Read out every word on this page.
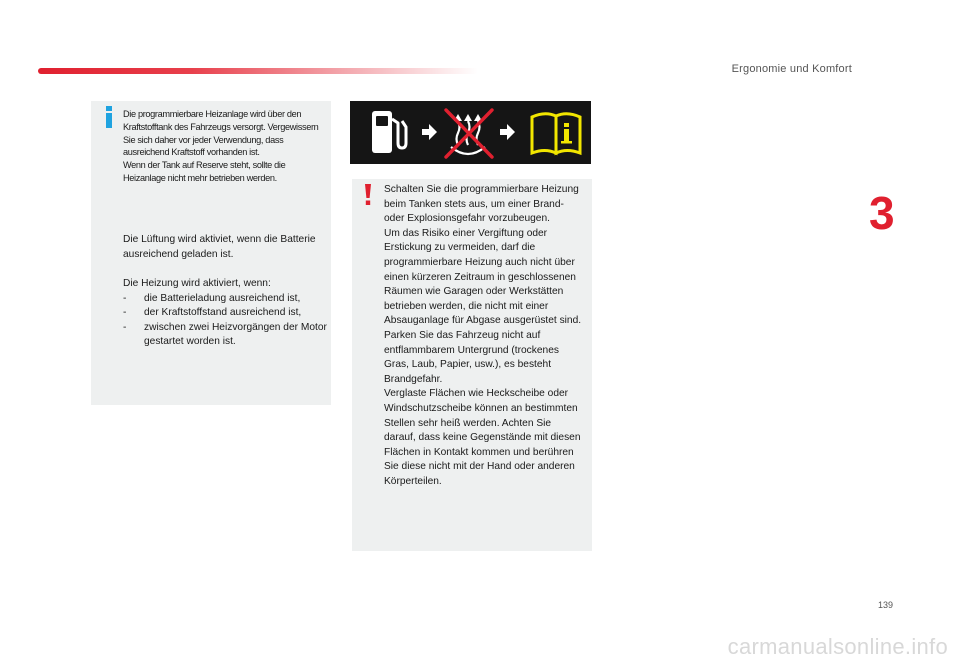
Ergonomie und Komfort
3

Die programmierbare Heizanlage wird über den Kraftstofftank des Fahrzeugs versorgt. Vergewissern Sie sich daher vor jeder Verwendung, dass ausreichend Kraftstoff vorhanden ist.

Wenn der Tank auf Reserve steht, sollte die Heizanlage nicht mehr betrieben werden.

Die Lüftung wird aktiviet, wenn die Batterie ausreichend geladen ist.

Die Heizung wird aktiviert, wenn:

- die Batterieladung ausreichend ist,
- der Kraftstoffstand ausreichend ist,
- zwischen zwei Heizvorgängen der Motor gestartet worden ist.

Schalten Sie die programmierbare Heizung beim Tanken stets aus, um einer Brand- oder Explosionsgefahr vorzubeugen.

Um das Risiko einer Vergiftung oder Erstickung zu vermeiden, darf die programmierbare Heizung auch nicht über einen kürzeren Zeitraum in geschlossenen Räumen wie Garagen oder Werkstätten betrieben werden, die nicht mit einer Absauganlage für Abgase ausgerüstet sind.

Parken Sie das Fahrzeug nicht auf entflammbarem Untergrund (trockenes Gras, Laub, Papier, usw.), es besteht Brandgefahr.

Verglaste Flächen wie Heckscheibe oder Windschutzscheibe können an bestimmten Stellen sehr heiß werden. Achten Sie darauf, dass keine Gegenstände mit diesen Flächen in Kontakt kommen und berühren Sie diese nicht mit der Hand oder anderen Körperteilen.

139
carmanualsonline.info
